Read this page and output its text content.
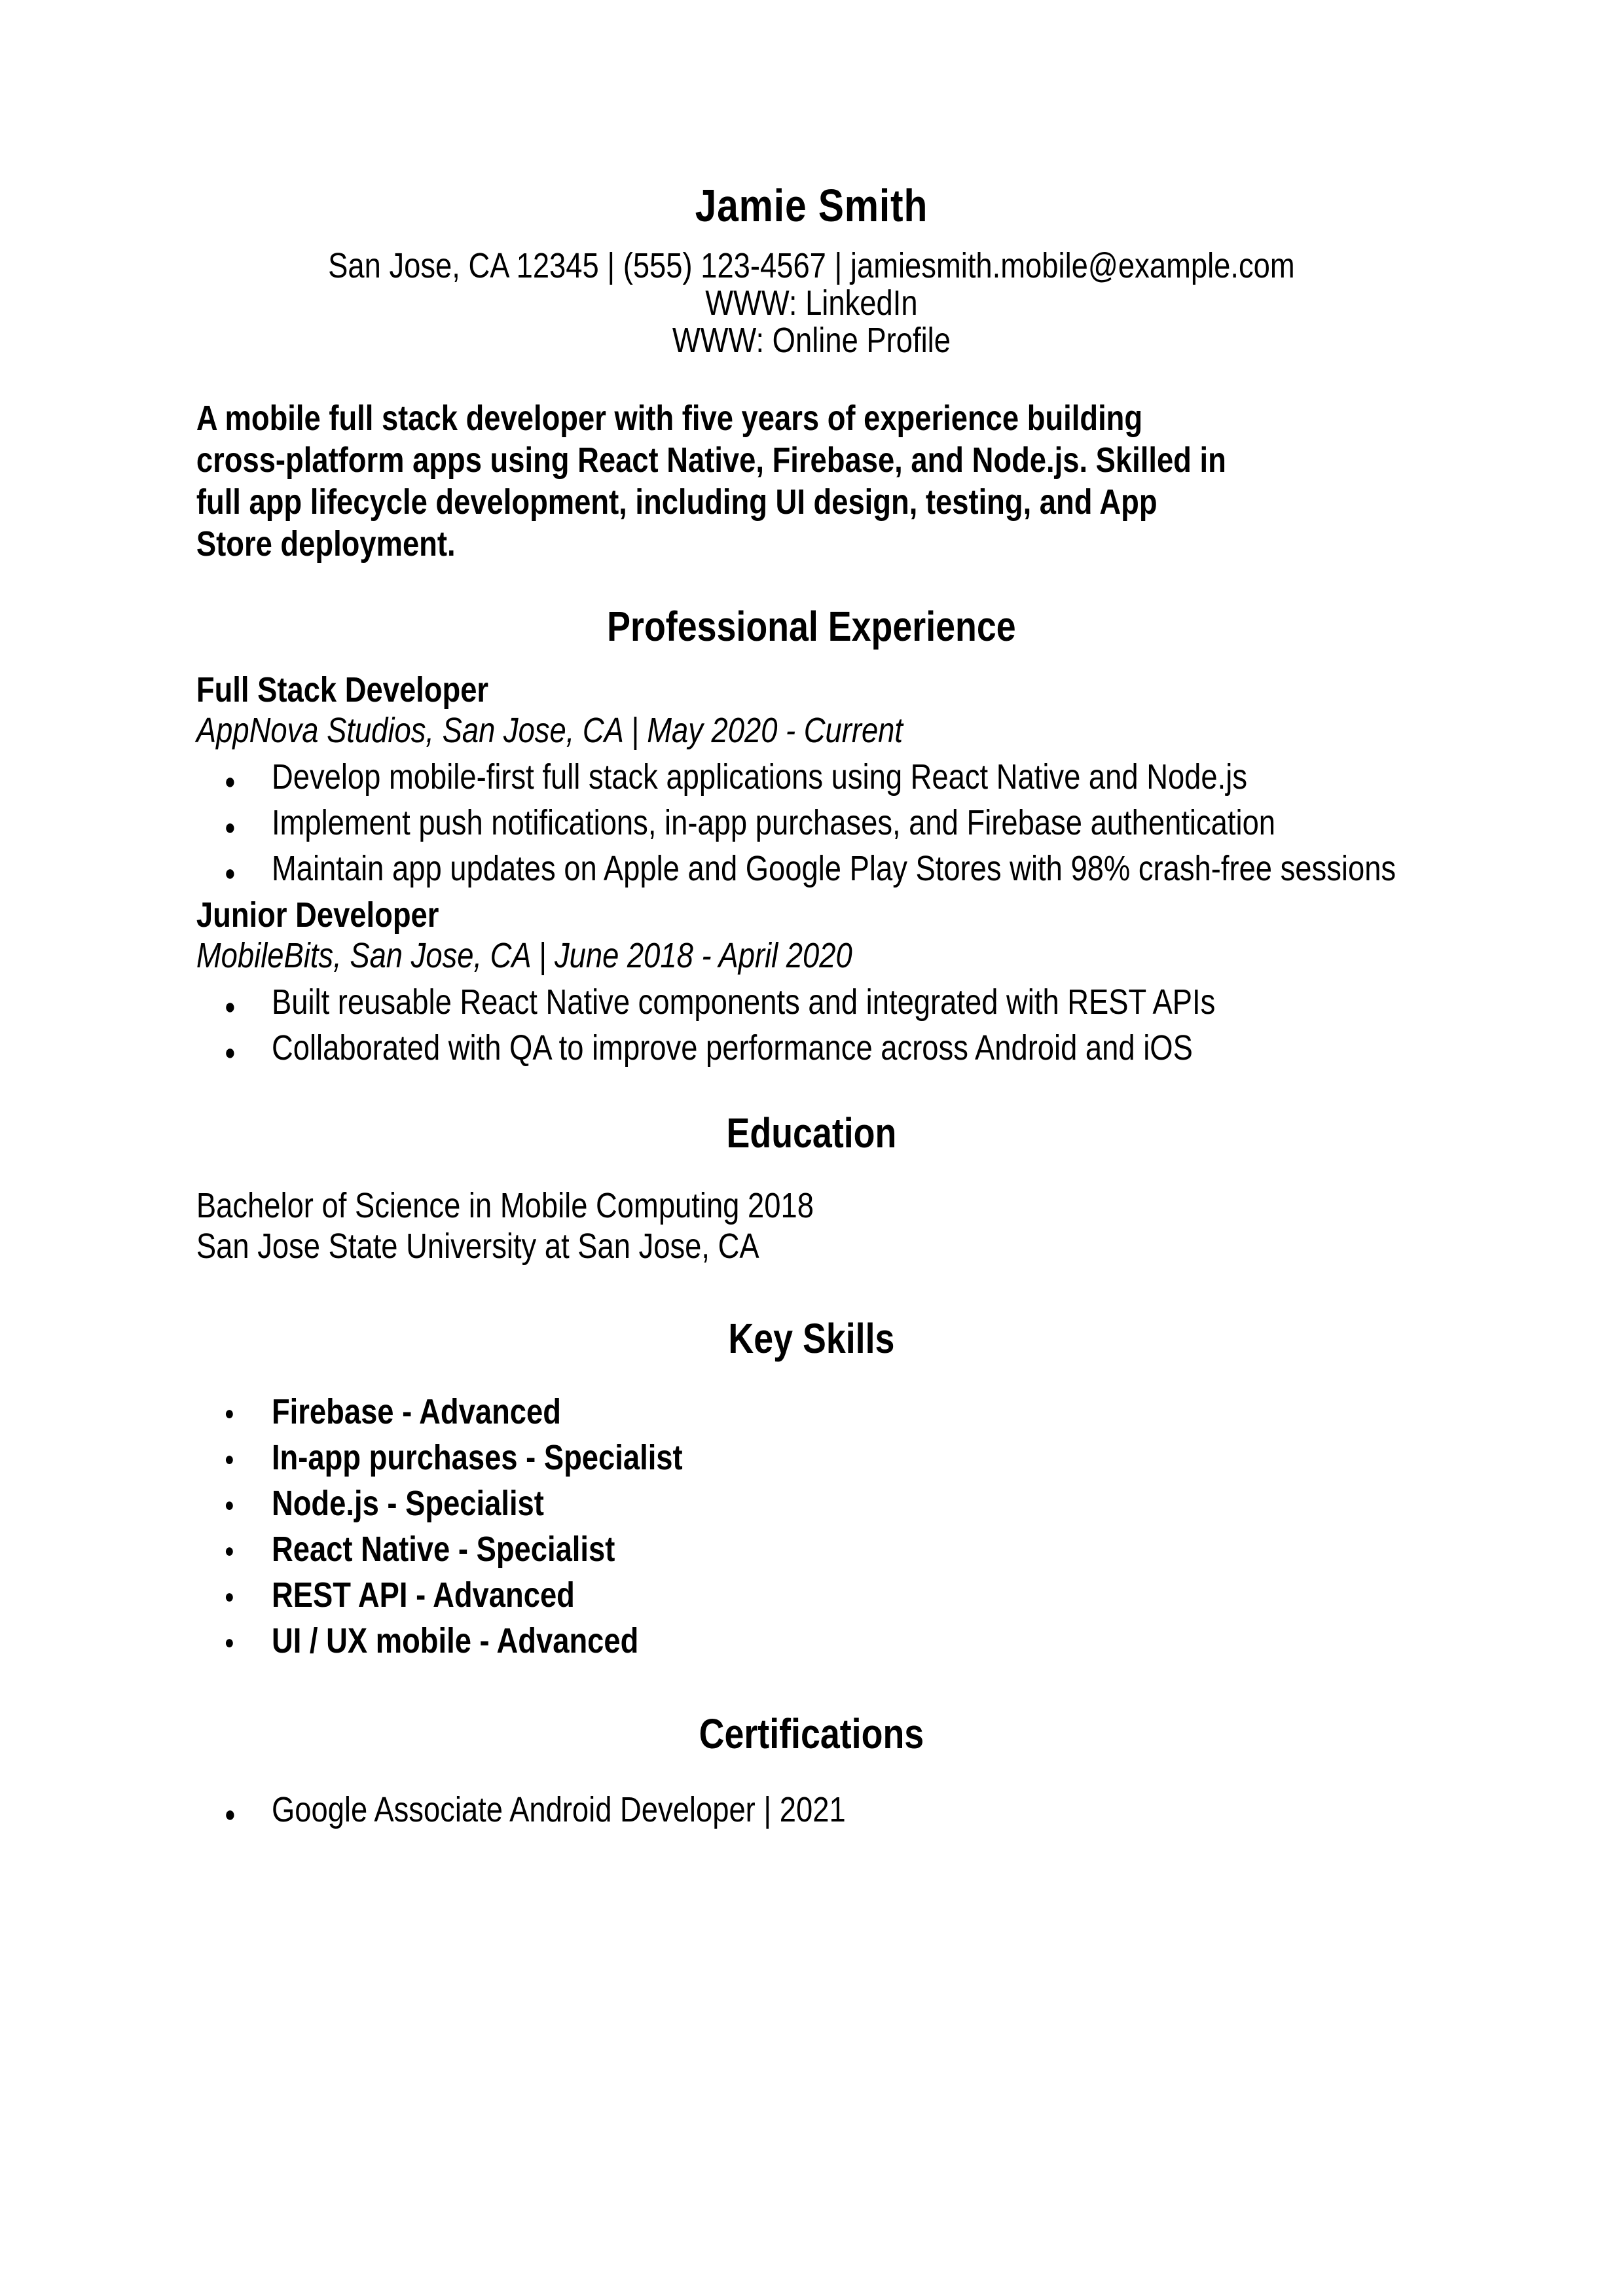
Jamie Smith
San Jose, CA 12345 | (555) 123-4567 | jamiesmith.mobile@example.com
WWW: LinkedIn
WWW: Online Profile
A mobile full stack developer with five years of experience building
cross-platform apps using React Native, Firebase, and Node.js. Skilled in
full app lifecycle development, including UI design, testing, and App
Store deployment.
Professional Experience
Full Stack Developer
AppNova Studios, San Jose, CA | May 2020 - Current
● Develop mobile-first full stack applications using React Native and Node.js
● Implement push notifications, in-app purchases, and Firebase authentication
● Maintain app updates on Apple and Google Play Stores with 98% crash-free sessions
Junior Developer
MobileBits, San Jose, CA | June 2018 - April 2020
● Built reusable React Native components and integrated with REST APIs
● Collaborated with QA to improve performance across Android and iOS
Education
Bachelor of Science in Mobile Computing 2018
San Jose State University at San Jose, CA
Key Skills
● Firebase - Advanced
● In-app purchases - Specialist
● Node.js - Specialist
● React Native - Specialist
● REST API - Advanced
● UI / UX mobile - Advanced
Certifications
● Google Associate Android Developer | 2021
